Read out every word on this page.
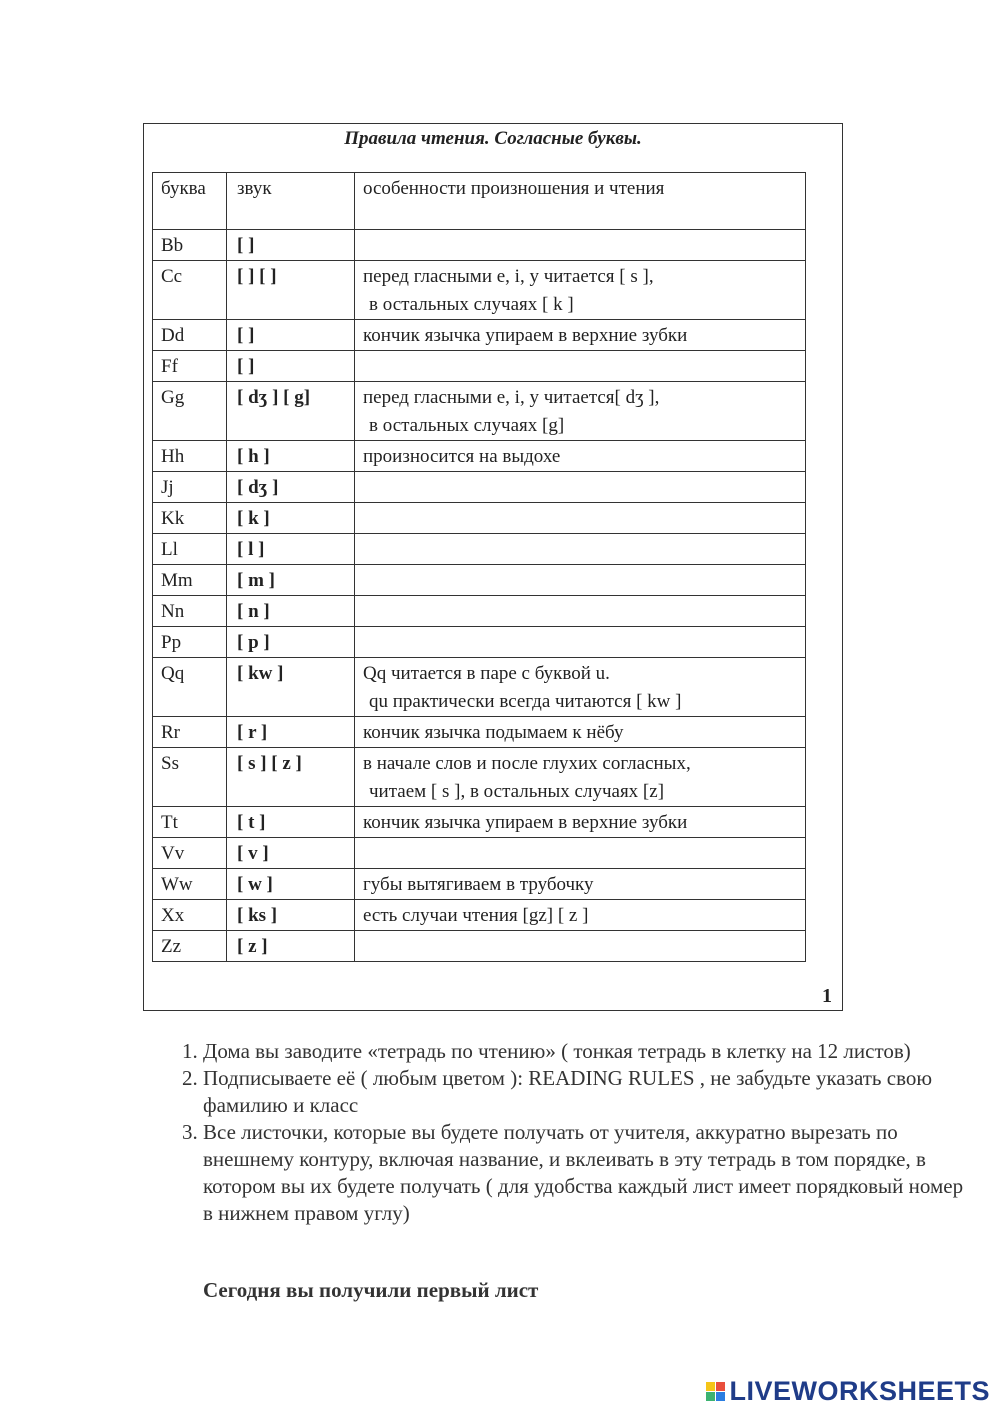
Правила чтения. Согласные буквы.
1
буква	звук	особенности произношения и чтения
Bb	[ ]	
Cc	[ ] [ ]	перед гласными e, i, y читается [ s ],
в остальных случаях [ k ]

Dd	[ ]	кончик язычка упираем в верхние зубки

Ff	[ ]	
Gg	[ dʒ ] [ g]	перед гласными e, i, y читается[ dʒ ],
в остальных случаях [g]

Hh	[ h ]	произносится на выдохе

Jj	[ dʒ ]	
Kk	[ k ]	
Ll	[ l ]	
Mm	[ m ]	
Nn	[ n ]	
Pp	[ p ]	
Qq	[ kw ]	Qq читается в паре с буквой u.
qu практически всегда читаются [ kw ]

Rr	[ r ]	кончик язычка подымаем к нёбу

Ss	[ s ] [ z ]	в начале слов и после глухих согласных,
читаем [ s ], в остальных случаях [z]

Tt	[ t ]	кончик язычка упираем в верхние зубки

Vv	[ v ]	
Ww	[ w ]	губы вытягиваем в трубочку

Xx	[ ks ]	есть случаи чтения [gz] [ z ]

Zz	[ z ]	
1. Дома вы заводите «тетрадь по чтению» ( тонкая тетрадь в клетку на 12 листов)
2. Подписываете её ( любым цветом ): READING RULES , не забудьте указать свою фамилию и класс
3. Все листочки, которые вы будете получать от учителя, аккуратно вырезать по внешнему контуру, включая название, и вклеивать в эту тетрадь в том порядке, в котором вы их будете получать ( для удобства каждый лист имеет порядковый номер в нижнем правом углу)
Сегодня вы получили первый лист
LIVEWORKSHEETS
